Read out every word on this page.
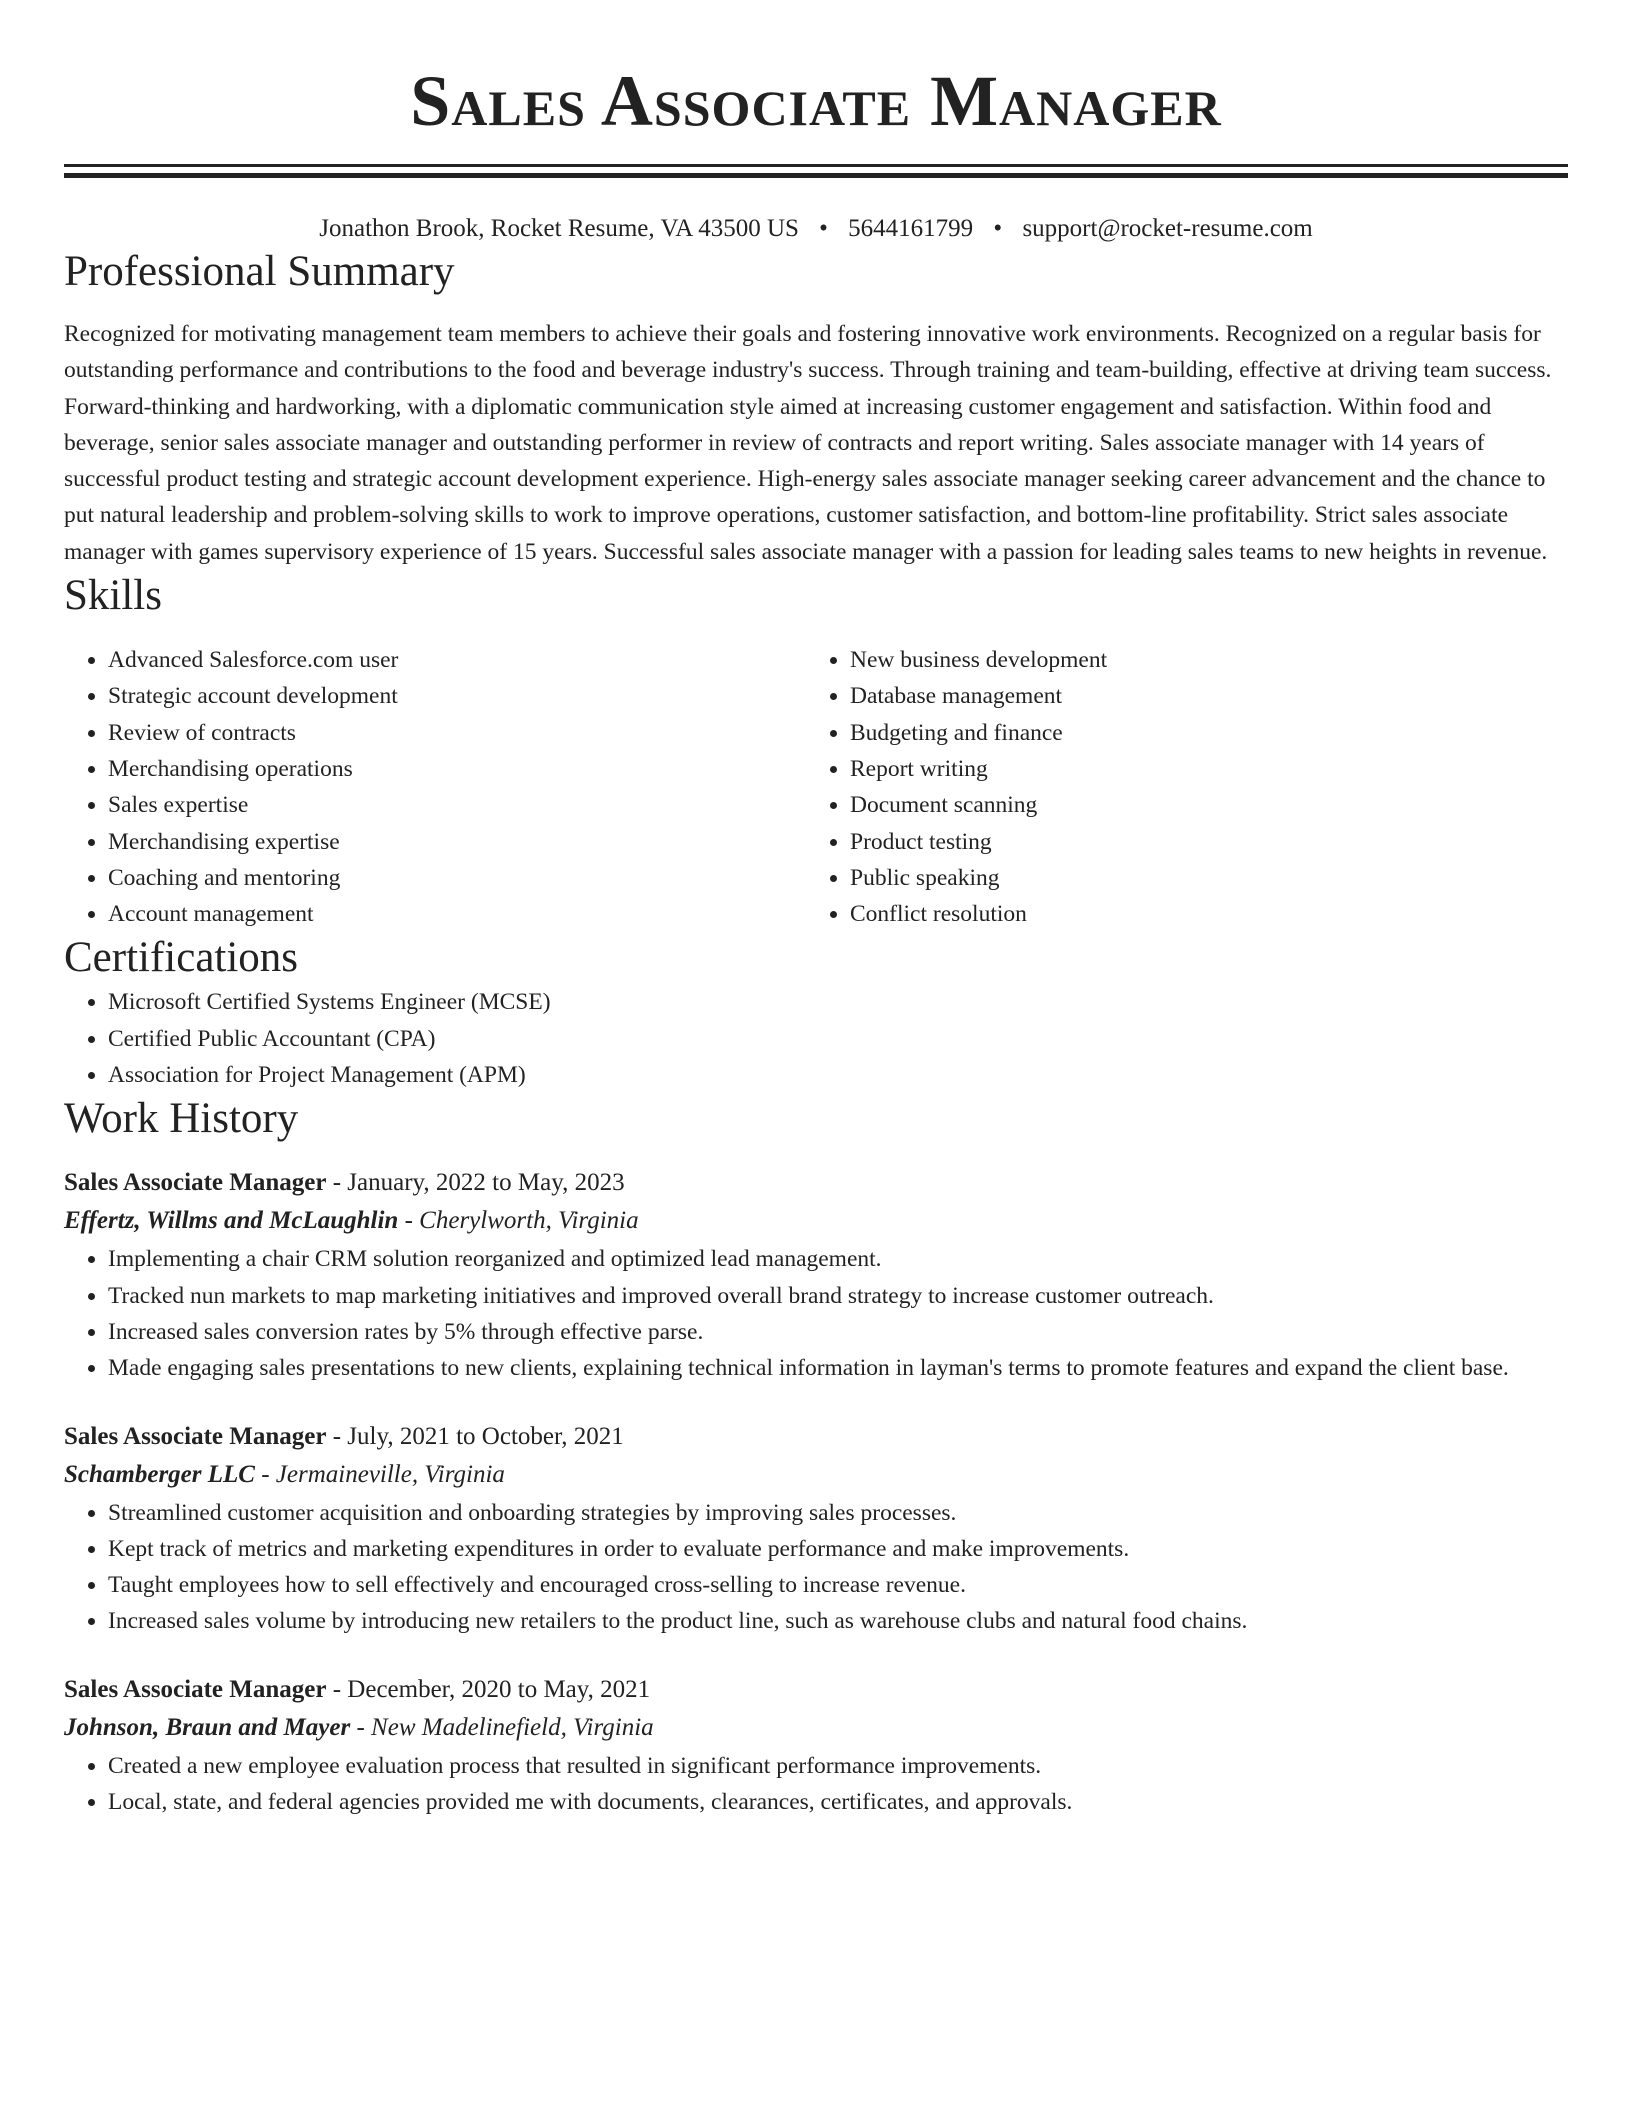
Sales Associate Manager
Jonathon Brook, Rocket Resume, VA 43500 US • 5644161799 • support@rocket-resume.com
Professional Summary

Recognized for motivating management team members to achieve their goals and fostering innovative work environments. Recognized on a regular basis for outstanding performance and contributions to the food and beverage industry's success. Through training and team-building, effective at driving team success. Forward-thinking and hardworking, with a diplomatic communication style aimed at increasing customer engagement and satisfaction. Within food and beverage, senior sales associate manager and outstanding performer in review of contracts and report writing. Sales associate manager with 14 years of successful product testing and strategic account development experience. High-energy sales associate manager seeking career advancement and the chance to put natural leadership and problem-solving skills to work to improve operations, customer satisfaction, and bottom-line profitability. Strict sales associate manager with games supervisory experience of 15 years. Successful sales associate manager with a passion for leading sales teams to new heights in revenue.

Skills
• Advanced Salesforce.com user
• Strategic account development
• Review of contracts
• Merchandising operations
• Sales expertise
• Merchandising expertise
• Coaching and mentoring
• Account management
• New business development
• Database management
• Budgeting and finance
• Report writing
• Document scanning
• Product testing
• Public speaking
• Conflict resolution
Certifications
• Microsoft Certified Systems Engineer (MCSE)
• Certified Public Accountant (CPA)
• Association for Project Management (APM)
Work History
Sales Associate Manager - January, 2022 to May, 2023
Effertz, Willms and McLaughlin - Cherylworth, Virginia
• Implementing a chair CRM solution reorganized and optimized lead management.
• Tracked nun markets to map marketing initiatives and improved overall brand strategy to increase customer outreach.
• Increased sales conversion rates by 5% through effective parse.
• Made engaging sales presentations to new clients, explaining technical information in layman's terms to promote features and expand the client base.
Sales Associate Manager - July, 2021 to October, 2021
Schamberger LLC - Jermaineville, Virginia
• Streamlined customer acquisition and onboarding strategies by improving sales processes.
• Kept track of metrics and marketing expenditures in order to evaluate performance and make improvements.
• Taught employees how to sell effectively and encouraged cross-selling to increase revenue.
• Increased sales volume by introducing new retailers to the product line, such as warehouse clubs and natural food chains.
Sales Associate Manager - December, 2020 to May, 2021
Johnson, Braun and Mayer - New Madelinefield, Virginia
• Created a new employee evaluation process that resulted in significant performance improvements.
• Local, state, and federal agencies provided me with documents, clearances, certificates, and approvals.
